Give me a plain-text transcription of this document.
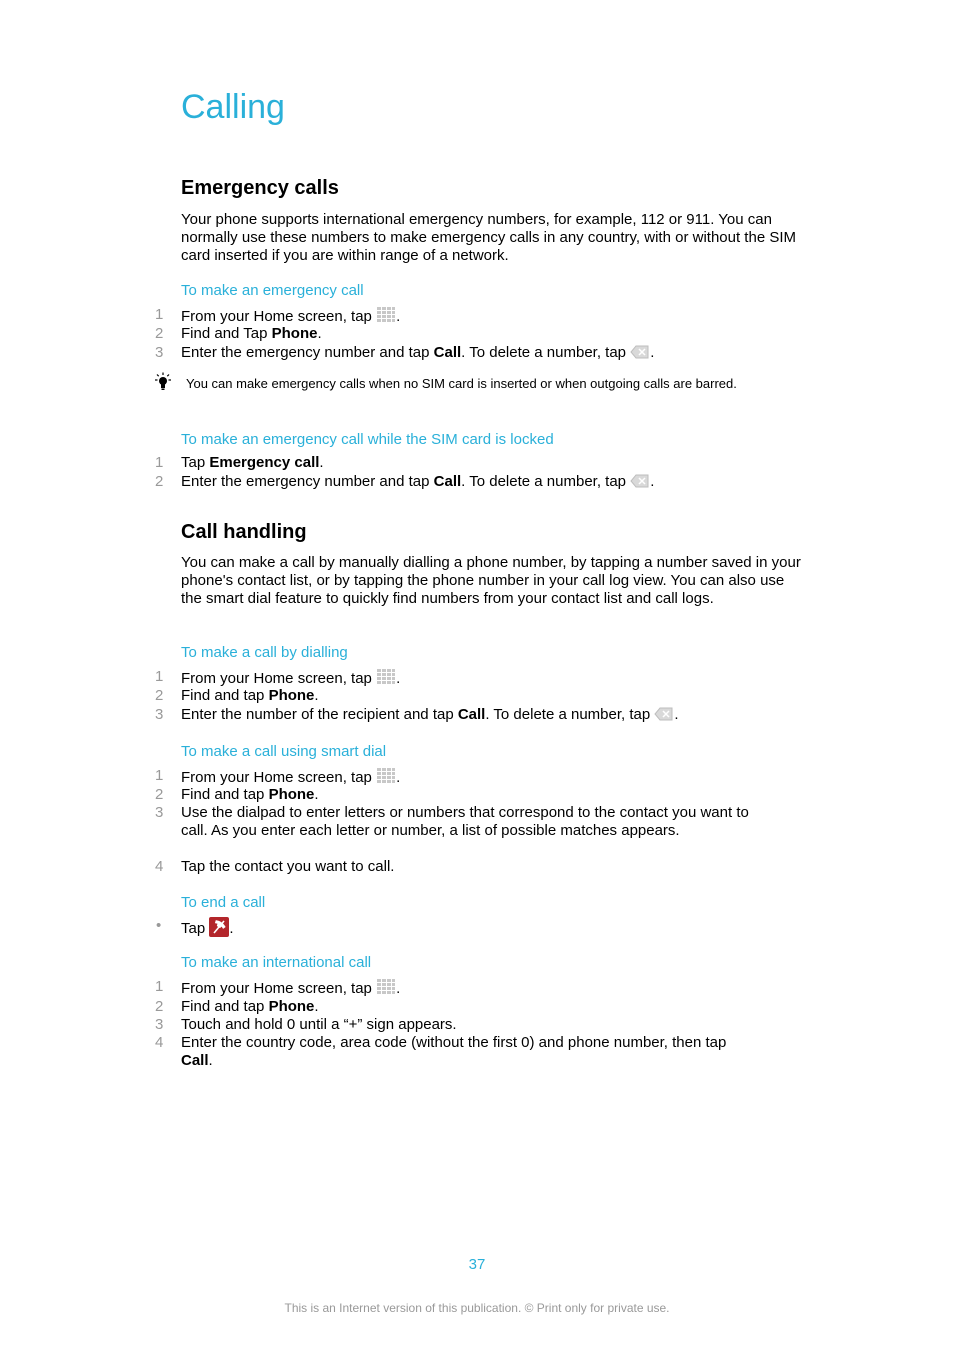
Calling
Emergency calls

Your phone supports international emergency numbers, for example, 112 or 911. You can normally use these numbers to make emergency calls in any country, with or without the SIM card inserted if you are within range of a network.

To make an emergency call
1	From your Home screen, tap .
2	Find and Tap Phone.
3	Enter the emergency number and tap Call. To delete a number, tap .
You can make emergency calls when no SIM card is inserted or when outgoing calls are barred.
To make an emergency call while the SIM card is locked
1	Tap Emergency call.
2	Enter the emergency number and tap Call. To delete a number, tap .
Call handling

You can make a call by manually dialling a phone number, by tapping a number saved in your phone's contact list, or by tapping the phone number in your call log view. You can also use the smart dial feature to quickly find numbers from your contact list and call logs.

To make a call by dialling
1	From your Home screen, tap .
2	Find and tap Phone.
3	Enter the number of the recipient and tap Call. To delete a number, tap .
To make a call using smart dial
1	From your Home screen, tap .
2	Find and tap Phone.
3	Use the dialpad to enter letters or numbers that correspond to the contact you want to call. As you enter each letter or number, a list of possible matches appears.
4	Tap the contact you want to call.
To end a call
•	Tap .
To make an international call
1	From your Home screen, tap .
2	Find and tap Phone.
3	Touch and hold 0 until a “+” sign appears.
4	Enter the country code, area code (without the first 0) and phone number, then tap Call.
37
This is an Internet version of this publication. © Print only for private use.
